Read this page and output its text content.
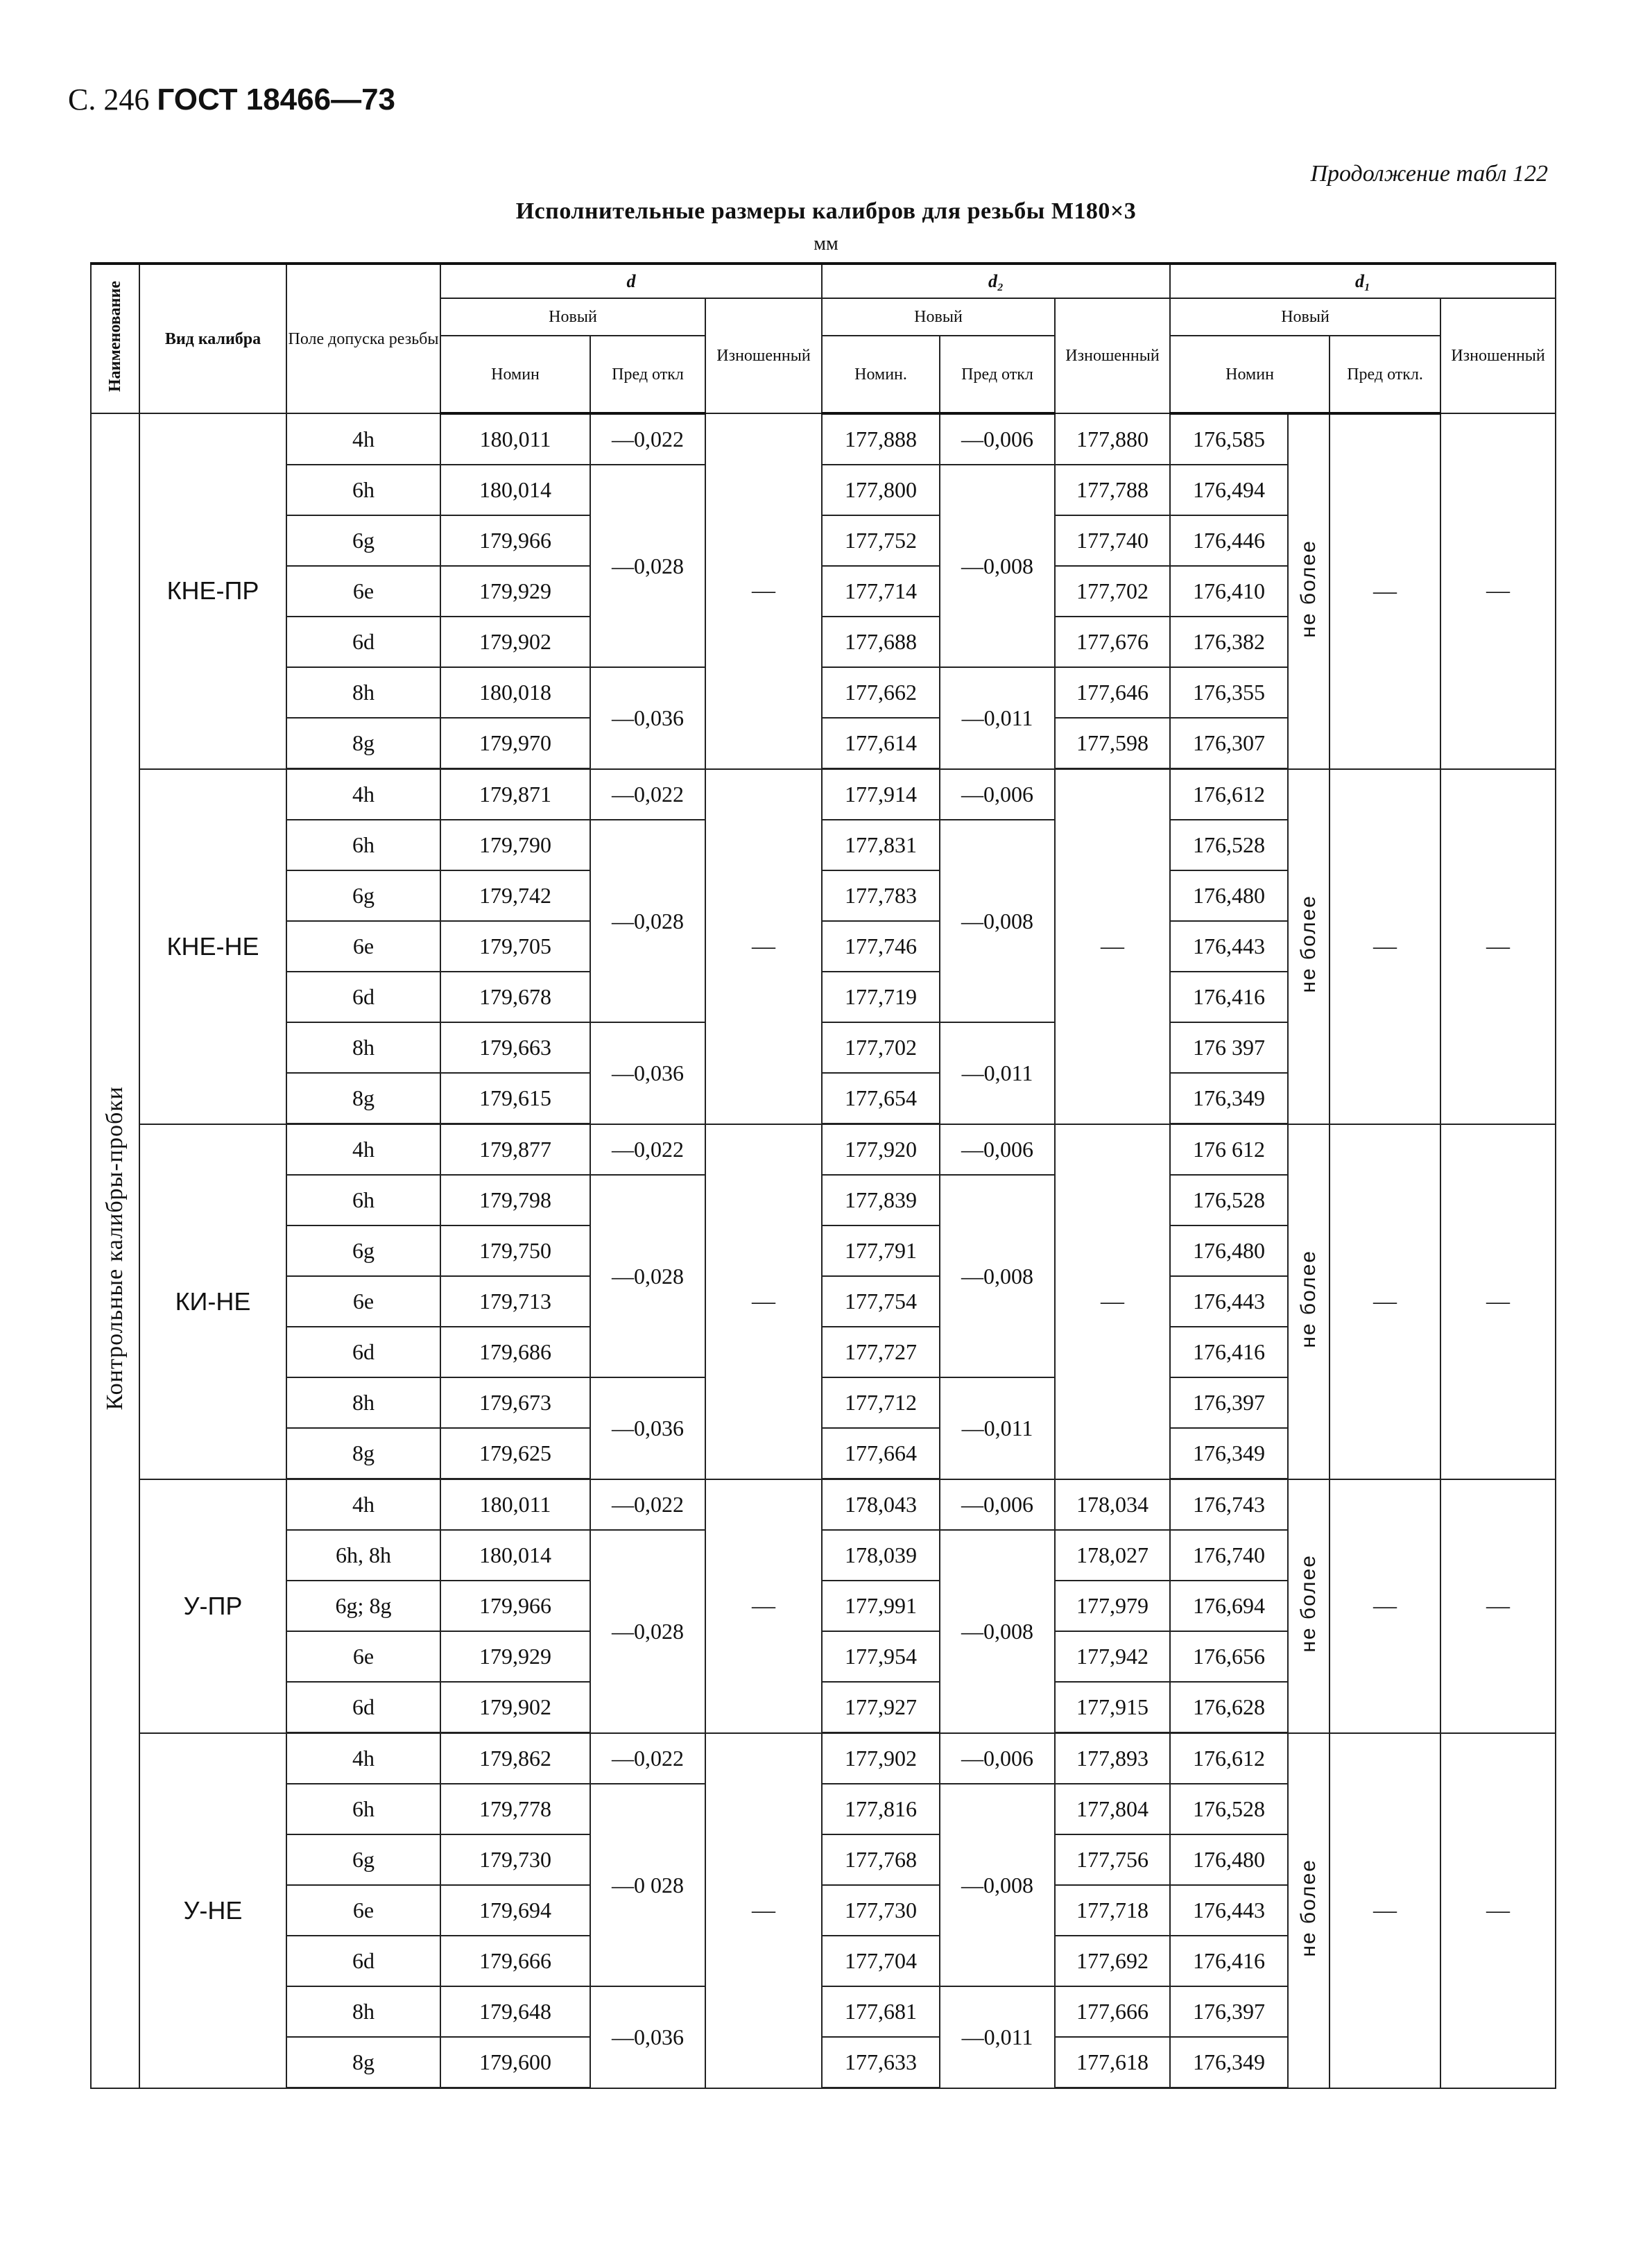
С. 246 ГОСТ 18466—73
Продолжение табл 122
Исполнительные размеры калибров для резьбы М180×3
мм
Наименование	Вид калибра	Поле допуска резьбы	d			d₂			d₁			
			Новый		Изношенный	Новый		Изношенный	Новый			Изношенный
			Номин	Пред откл		Номин.	Пред откл		Номин		Пред откл.	
Контрольные калибры-пробки	КНЕ-ПР	4h	180,011	—0,022	—	177,888	—0,006	177,880	176,585	не более	—	—
		6h	180,014	—0,028		177,800	—0,008	177,788	176,494			
		6g	179,966			177,752		177,740	176,446			
		6e	179,929			177,714		177,702	176,410			
		6d	179,902			177,688		177,676	176,382			
		8h	180,018	—0,036		177,662	—0,011	177,646	176,355			
		8g	179,970			177,614		177,598	176,307			
	КНЕ-НЕ	4h	179,871	—0,022	—	177,914	—0,006	—	176,612	не более	—	—
		6h	179,790	—0,028		177,831	—0,008		176,528			
		6g	179,742			177,783			176,480			
		6e	179,705			177,746			176,443			
		6d	179,678			177,719			176,416			
		8h	179,663	—0,036		177,702	—0,011		176 397			
		8g	179,615			177,654			176,349			
	КИ-НЕ	4h	179,877	—0,022	—	177,920	—0,006	—	176 612	не более	—	—
		6h	179,798	—0,028		177,839	—0,008		176,528			
		6g	179,750			177,791			176,480			
		6e	179,713			177,754			176,443			
		6d	179,686			177,727			176,416			
		8h	179,673	—0,036		177,712	—0,011		176,397			
		8g	179,625			177,664			176,349			
	У-ПР	4h	180,011	—0,022	—	178,043	—0,006	178,034	176,743	не более	—	—
		6h, 8h	180,014	—0,028		178,039	—0,008	178,027	176,740			
		6g; 8g	179,966			177,991		177,979	176,694			
		6e	179,929			177,954		177,942	176,656			
		6d	179,902			177,927		177,915	176,628			
	У-НЕ	4h	179,862	—0,022	—	177,902	—0,006	177,893	176,612	не более	—	—
		6h	179,778	—0 028		177,816	—0,008	177,804	176,528			
		6g	179,730			177,768		177,756	176,480			
		6e	179,694			177,730		177,718	176,443			
		6d	179,666			177,704		177,692	176,416			
		8h	179,648	—0,036		177,681	—0,011	177,666	176,397			
		8g	179,600			177,633		177,618	176,349			
